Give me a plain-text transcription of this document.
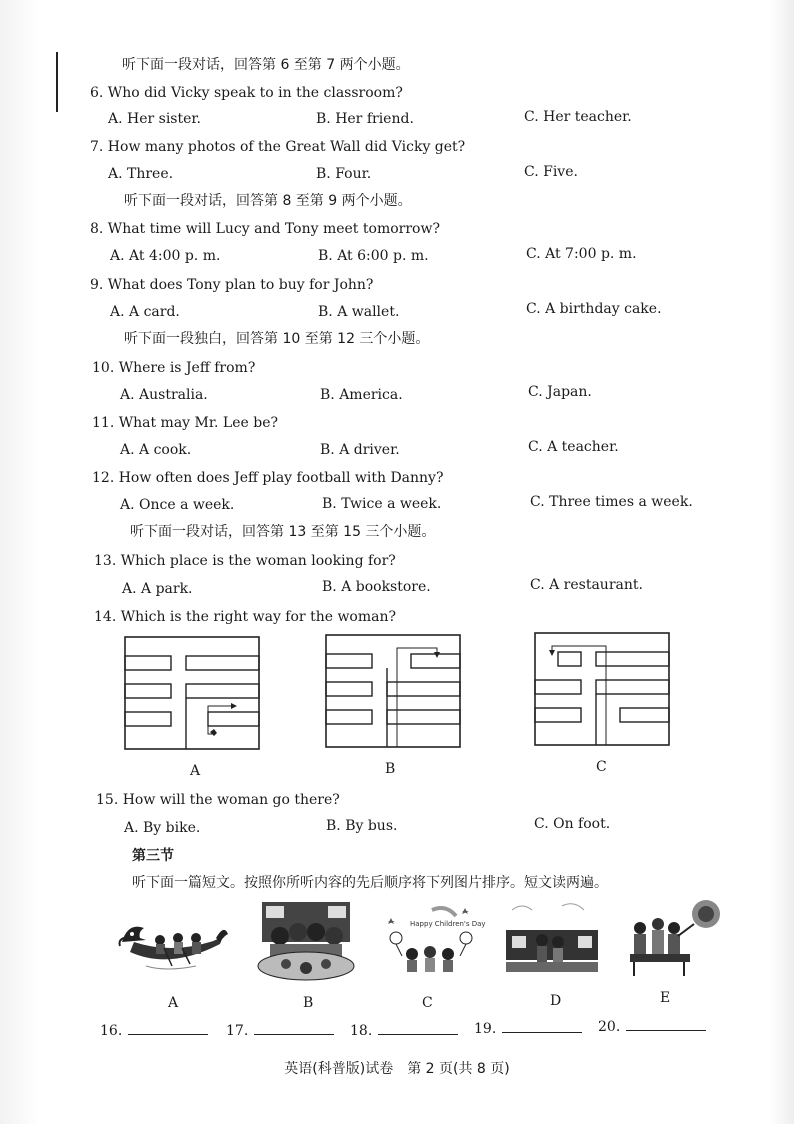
听下面一段对话，回答第 6 至第 7 两个小题。
6. Who did Vicky speak to in the classroom?
A. Her sister.	B. Her friend.	C. Her teacher.
7. How many photos of the Great Wall did Vicky get?
A. Three.	B. Four.	C. Five.
听下面一段对话，回答第 8 至第 9 两个小题。
8. What time will Lucy and Tony meet tomorrow?
A. At 4:00 p. m.	B. At 6:00 p. m.	C. At 7:00 p. m.
9. What does Tony plan to buy for John?
A. A card.	B. A wallet.	C. A birthday cake.
听下面一段独白，回答第 10 至第 12 三个小题。
10. Where is Jeff from?
A. Australia.	B. America.	C. Japan.
11. What may Mr. Lee be?
A. A cook.	B. A driver.	C. A teacher.
12. How often does Jeff play football with Danny?
A. Once a week.	B. Twice a week.	C. Three times a week.
听下面一段对话，回答第 13 至第 15 三个小题。
13. Which place is the woman looking for?
A. A park.	B. A bookstore.	C. A restaurant.
14. Which is the right way for the woman?
A	B	C
15. How will the woman go there?
A. By bike.	B. By bus.	C. On foot.
第三节
听下面一篇短文。按照你所听内容的先后顺序将下列图片排序。短文读两遍。
A	B
Happy Children's Day
C	D	E
16.	17.	18.	19.	20.
英语(科普版)试卷　第 2 页(共 8 页)
